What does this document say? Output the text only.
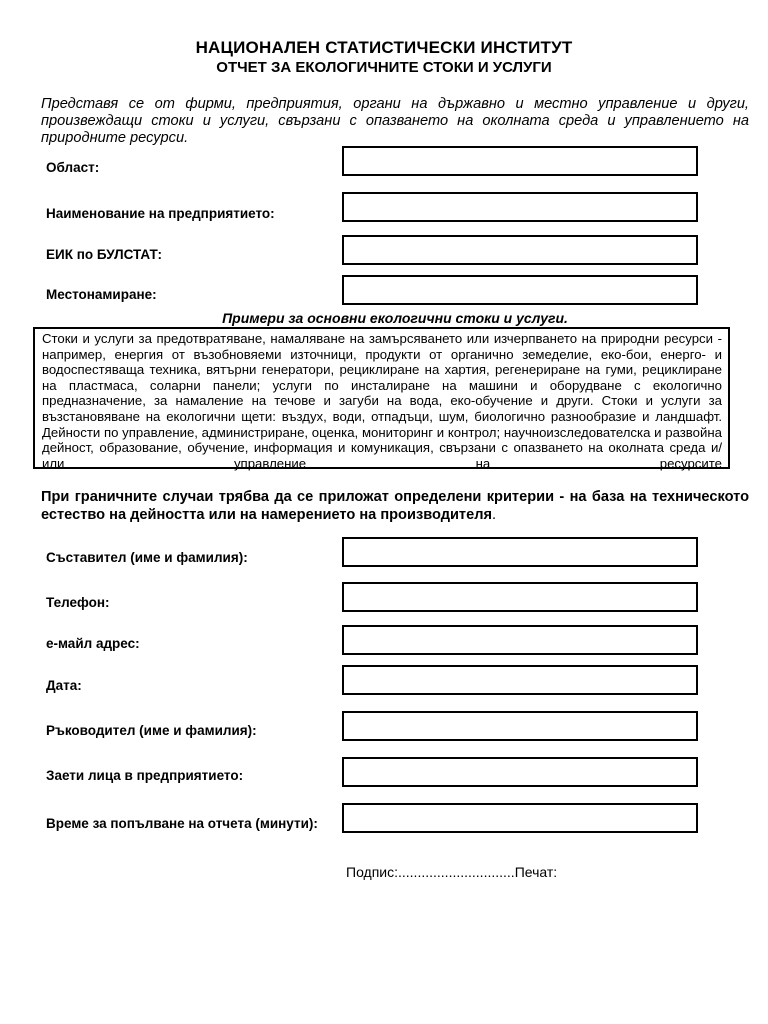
НАЦИОНАЛЕН СТАТИСТИЧЕСКИ ИНСТИТУТ
ОТЧЕТ ЗА ЕКОЛОГИЧНИТЕ СТОКИ И УСЛУГИ
Представя се от фирми, предприятия, органи на държавно и местно управление и други, произвеждащи стоки и услуги, свързани с опазването на околната среда и управлението на природните ресурси.
Област:
Наименование на предприятието:
ЕИК по БУЛСТАТ:
Местонамиране:
Примери за основни екологични стоки и услуги.
Стоки и услуги за предотвратяване, намаляване на замърсяването или изчерпването на природни ресурси - например, енергия от възобновяеми източници, продукти от органично земеделие, еко-бои, енерго- и водоспестяваща техника, вятърни генератори, рециклиране на хартия, регенериране на гуми, рециклиране на пластмаса, соларни панели; услуги по инсталиране на машини и оборудване с екологично предназначение, за намаление на течове и загуби на вода, еко-обучение и други. Стоки и услуги за възстановяване на екологични щети: въздух, води, отпадъци, шум, биологично разнообразие и ландшафт. Дейности по управление, администриране, оценка, мониторинг и контрол; научноизследователска и развойна дейност, образование, обучение, информация и комуникация, свързани с опазването на околната среда и/или управление на ресурсите
При граничните случаи трябва да се приложат определени критерии - на база на техническото естество на дейността или на намерението на производителя.
Съставител (име и фамилия):
Телефон:
е-майл адрес:
Дата:
Ръководител (име и фамилия):
Заети лица в предприятието:
Време за попълване на отчета (минути):
Подпис:..............................Печат:
